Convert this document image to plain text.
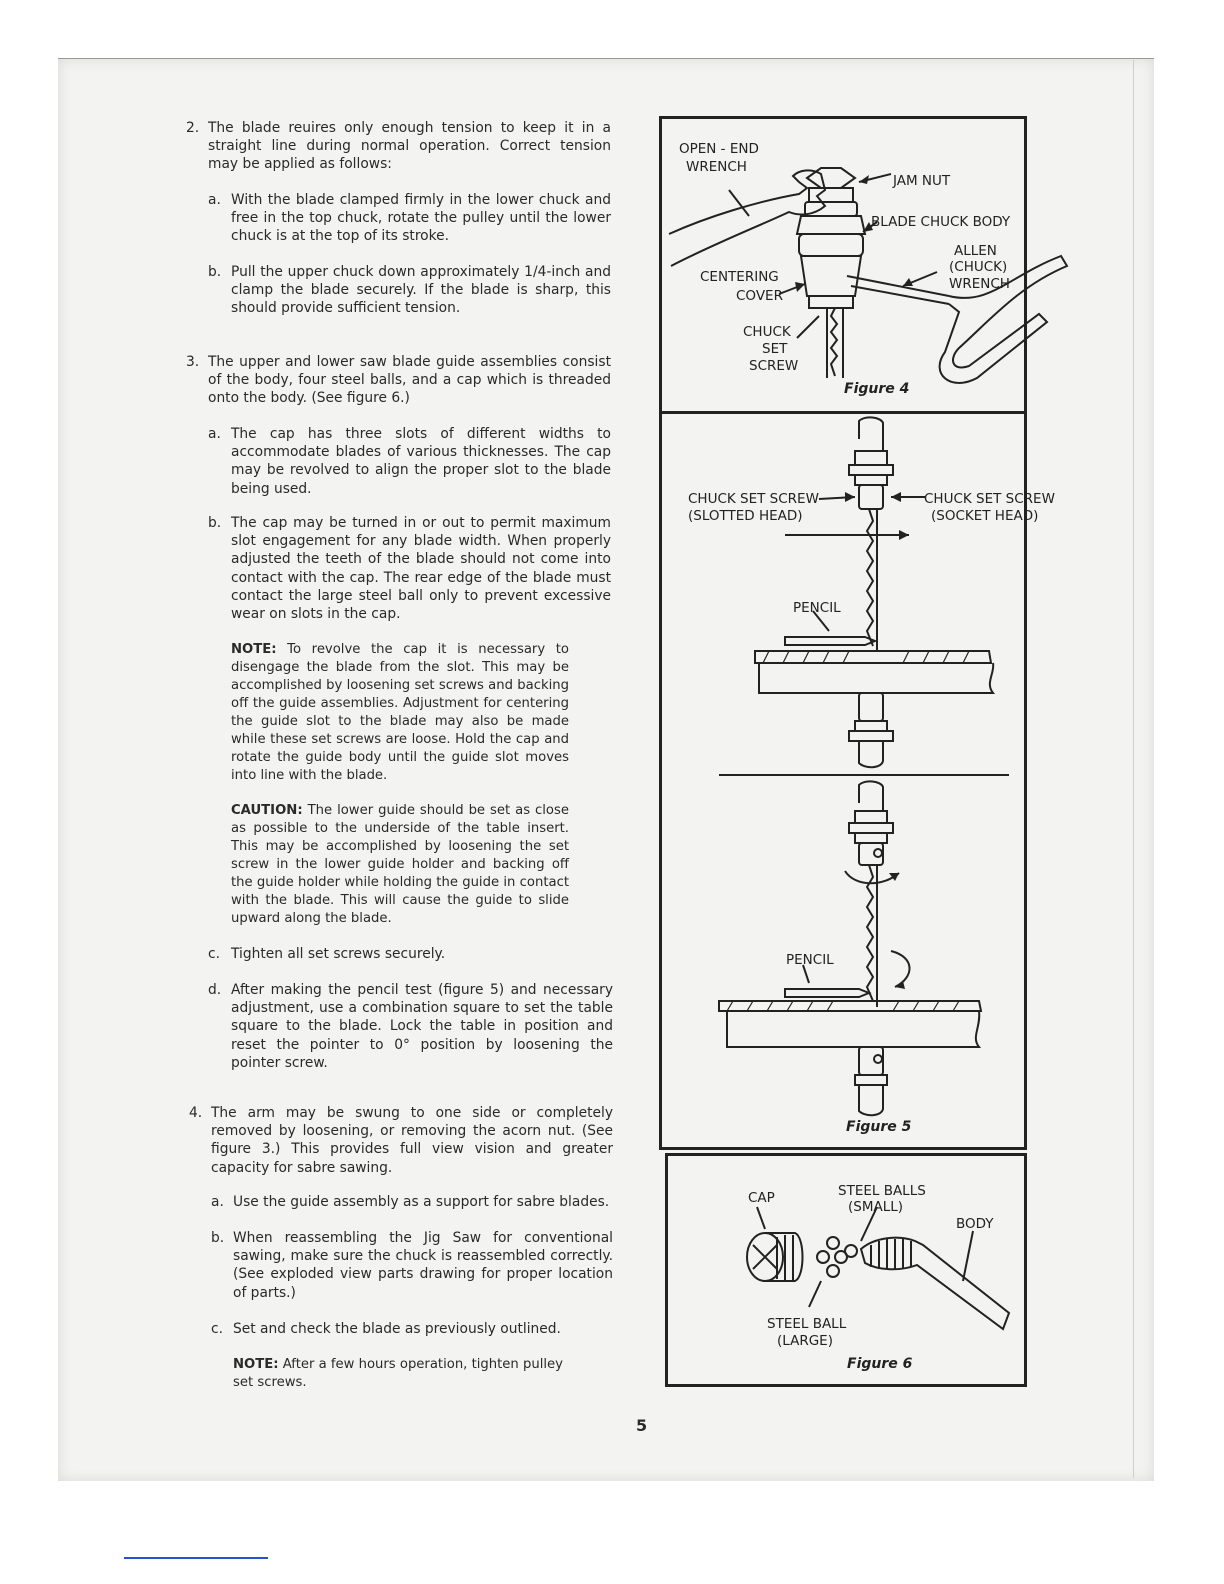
2. The blade reuires only enough tension to keep it in a straight line during normal operation. Correct tension may be applied as follows:

a. With the blade clamped firmly in the lower chuck and free in the top chuck, rotate the pulley until the lower chuck is at the top of its stroke.

b. Pull the upper chuck down approximately 1/4-inch and clamp the blade securely. If the blade is sharp, this should provide sufficient tension.

3. The upper and lower saw blade guide assemblies consist of the body, four steel balls, and a cap which is threaded onto the body. (See figure 6.)

a. The cap has three slots of different widths to accommodate blades of various thicknesses. The cap may be revolved to align the proper slot to the blade being used.

b. The cap may be turned in or out to permit maximum slot engagement for any blade width. When properly adjusted the teeth of the blade should not come into contact with the cap. The rear edge of the blade must contact the large steel ball only to prevent excessive wear on slots in the cap.

NOTE: To revolve the cap it is necessary to disengage the blade from the slot. This may be accomplished by loosening set screws and backing off the guide assemblies. Adjustment for centering the guide slot to the blade may also be made while these set screws are loose. Hold the cap and rotate the guide body until the guide slot moves into line with the blade.

CAUTION: The lower guide should be set as close as possible to the underside of the table insert. This may be accomplished by loosening the set screw in the lower guide holder and backing off the guide holder while holding the guide in contact with the blade. This will cause the guide to slide upward along the blade.

c. Tighten all set screws securely.

d. After making the pencil test (figure 5) and necessary adjustment, use a combination square to set the table square to the blade. Lock the table in position and reset the pointer to 0° position by loosening the pointer screw.

4. The arm may be swung to one side or completely removed by loosening, or removing the acorn nut. (See figure 3.) This provides full view vision and greater capacity for sabre sawing.

a. Use the guide assembly as a support for sabre blades.

b. When reassembling the Jig Saw for conventional sawing, make sure the chuck is reassembled correctly. (See exploded view parts drawing for proper location of parts.)

c. Set and check the blade as previously outlined.

NOTE: After a few hours operation, tighten pulley set screws.

OPEN - END
WRENCH
JAM NUT
BLADE CHUCK BODY
ALLEN
(CHUCK)
WRENCH
CENTERING
COVER
CHUCK
SET
SCREW
Figure 4
CHUCK SET SCREW
(SLOTTED HEAD)
CHUCK SET SCREW
(SOCKET HEAD)
PENCIL
PENCIL
Figure 5
CAP	STEEL BALLS
(SMALL)
BODY
STEEL BALL
(LARGE)
Figure 6
5
